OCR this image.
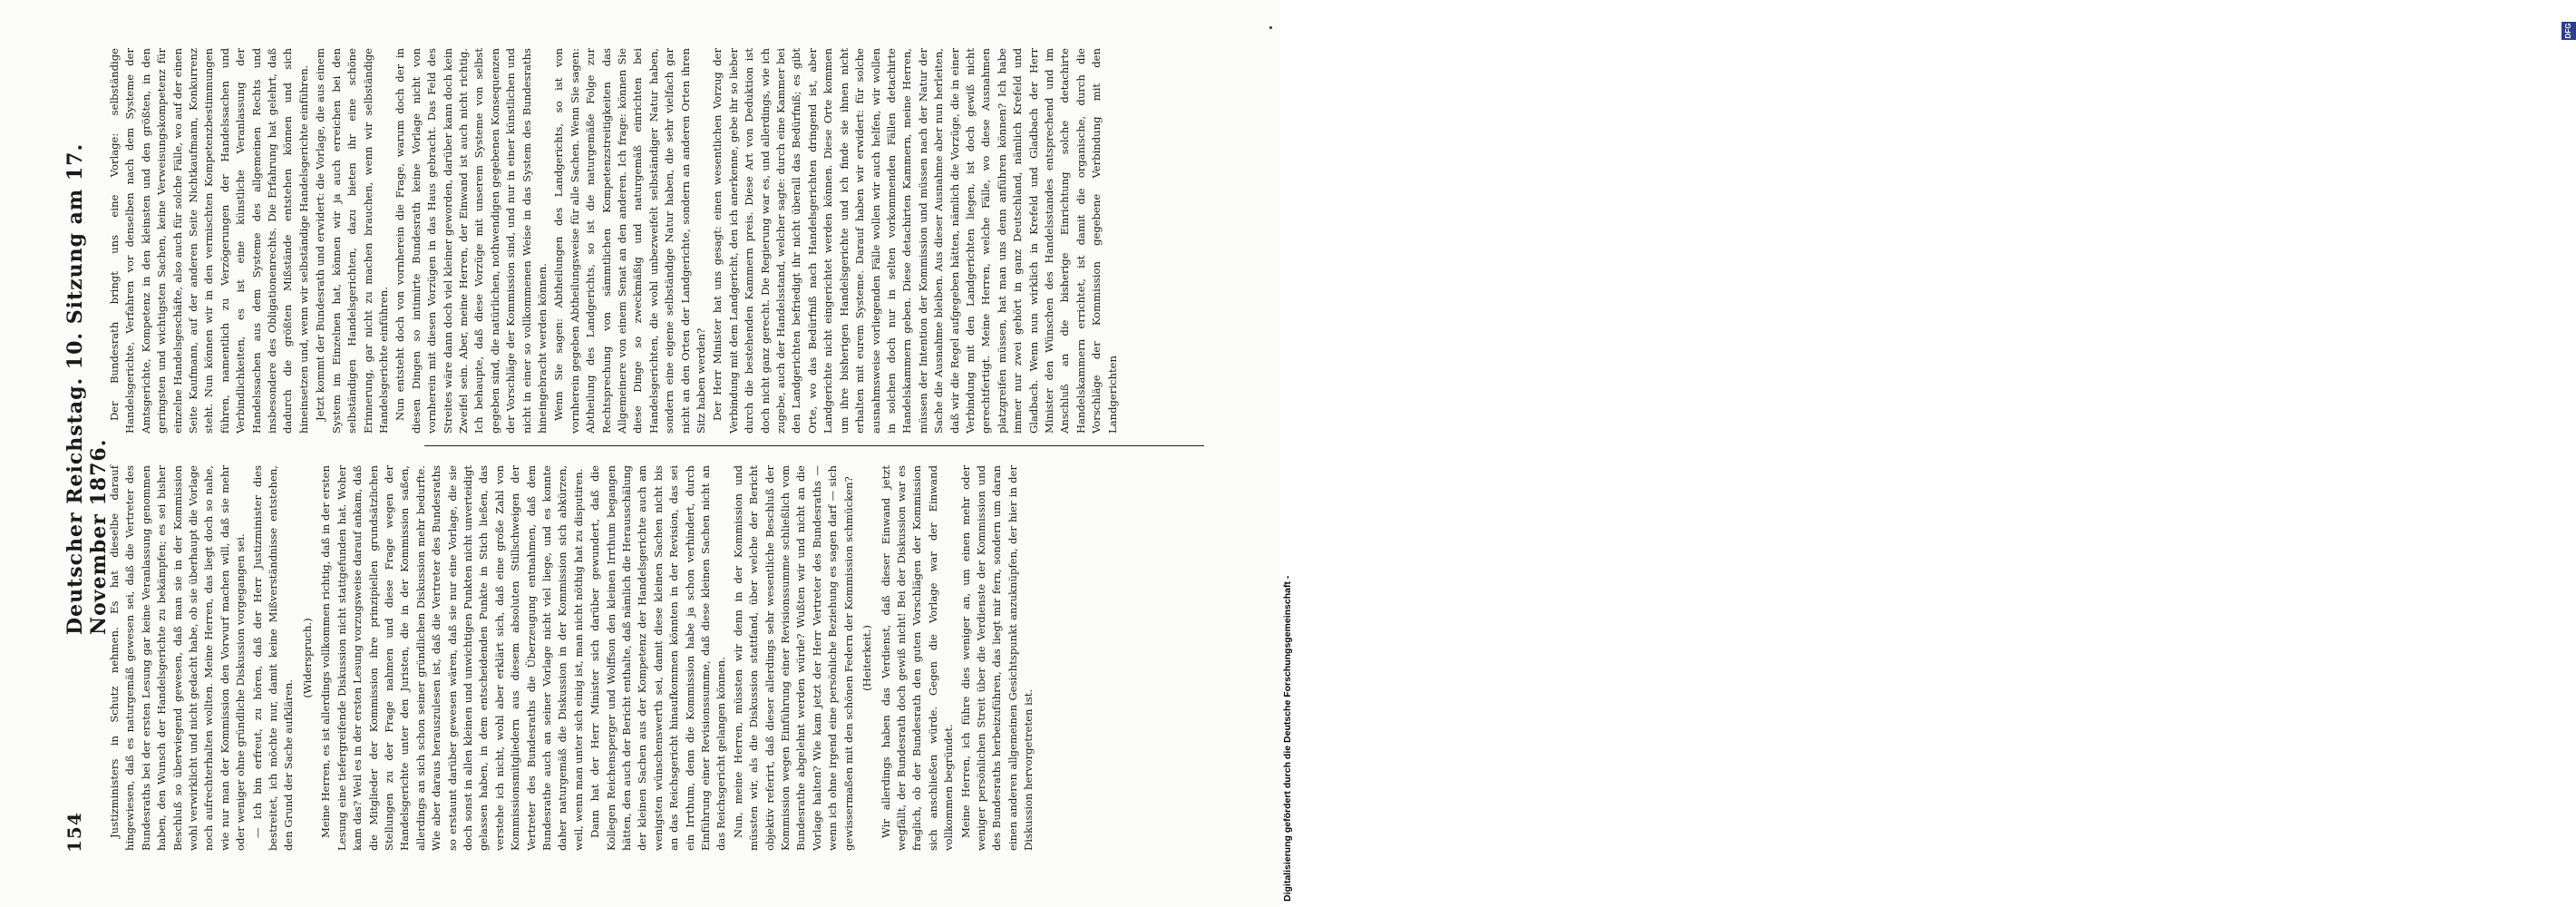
154
Deutscher Reichstag. 10. Sitzung am 17. November 1876.

Justizministers in Schutz nehmen. Es hat dieselbe darauf hingewiesen, daß es naturgemäß gewesen sei, daß die Vertreter des Bundesraths bei der ersten Lesung gar keine Veranlassung genommen haben, den Wunsch der Handelsgerichte zu bekämpfen; es sei bisher Beschluß so überwiegend gewesen, daß man sie in der Kommission wohl verwirklicht und nicht gedacht habe, ob sie überhaupt die Vorlage noch aufrechterhalten wollten. Meine Herren, das liegt doch so nahe, wie nur man der Kommission den Vorwurf machen will, daß sie mehr oder weniger ohne gründliche Diskussion vorgegangen sei. — Ich bin erfreut, zu hören, daß der Herr Justizminister dies bestreitet, ich möchte nur, damit keine Mißverständnisse entstehen, den Grund der Sache aufklären.

(Widerspruch.) Meine Herren, es ist allerdings vollkommen richtig, daß in der ersten Lesung eine tiefergreifende Diskussion nicht stattgefunden hat. Woher kam das? Weil es in der ersten Lesung vorzugsweise darauf ankam, daß die Mitglieder der Kommission ihre prinzipiellen grundsätzlichen Stellungen zu der Frage nahmen und diese Frage wegen der Handelsgerichte unter den Juristen, die in der Kommission saßen, allerdings an sich schon seiner gründlichen Diskussion mehr bedurfte. Wie aber daraus herauszulesen ist, daß die Vertreter des Bundesraths so erstaunt darüber gewesen wären, daß sie nur eine Vorlage, die sie doch sonst in allen kleinen und unwichtigen Punkten nicht unverteidigt gelassen haben, in dem entscheidenden Punkte in Stich ließen, das verstehe ich nicht, wohl aber erklärt sich, daß eine große Zahl von Kommissionsmitgliedern aus diesem absoluten Stillschweigen der Vertreter des Bundesraths die Überzeugung entnahmen, daß dem Bundesrathe auch an seiner Vorlage nicht viel liege, und es konnte daher naturgemäß die Diskussion in der Kommission sich abkürzen, weil, wenn man unter sich einig ist, man nicht nöthig hat zu disputiren. Dann hat der Herr Minister sich darüber gewundert, daß die Kollegen Reichensperger und Wolffson den kleinen Irrthum begangen hätten, den auch der Bericht enthalte, daß nämlich die Herausschälung der kleinen Sachen aus der Kompetenz der Handelsgerichte auch am wenigsten wünschenswerth sei, damit diese kleinen Sachen nicht bis an das Reichsgericht hinaufkommen könnten in der Revision, das sei ein Irrthum, denn die Kommission habe ja schon verhindert, durch Einführung einer Revisionssumme, daß diese kleinen Sachen nicht an das Reichsgericht gelangen können. Nun, meine Herren, müssten wir denn in der Kommission und müssten wir, als die Diskussion stattfand, über welche der Bericht objektiv referirt, daß dieser allerdings sehr wesentliche Beschluß der Kommission wegen Einführung einer Revisionssumme schließlich vom Bundesrathe abgelehnt werden würde? Wußten wir und nicht an die Vorlage halten? Wie kam jetzt der Herr Vertreter des Bundesraths — wenn ich ohne irgend eine persönliche Beziehung es sagen darf — sich gewissermaßen mit den schönen Federn der Kommission schmücken? (Heiterkeit.) Wir allerdings haben das Verdienst, daß dieser Einwand jetzt wegfällt, der Bundesrath doch gewiß nicht! Bei der Diskussion war es fraglich, ob der Bundesrath den guten Vorschlägen der Kommission sich anschließen würde. Gegen die Vorlage war der Einwand vollkommen begründet. Meine Herren, ich führe dies weniger an, um einen mehr oder weniger persönlichen Streit über die Verdienste der Kommission und des Bundesraths herbeizuführen, das liegt mir fern, sondern um daran einen anderen allgemeinen Gesichtspunkt anzuknüpfen, der hier in der Diskussion hervorgetreten ist.

Der Bundesrath bringt uns eine Vorlage: selbständige Handelsgerichte, Verfahren vor denselben nach dem Systeme der Amtsgerichte, Kompetenz in den kleinsten und den größten, in den geringsten und wichtigsten Sachen, keine Verweisungskompetenz für einzelne Handelsgeschäfte, also auch für solche Fälle, wo auf der einen Seite Kaufmann, auf der anderen Seite Nichtkaufmann, Konkurrenz steht. Nun können wir in den vermischten Kompetenzbestimmungen führen, namentlich zu Verzögerungen der Handelssachen und Verbindlichkeiten, es ist eine künstliche Veranlassung der Handelssachen aus dem Systeme des allgemeinen Rechts und insbesondere des Obligationenrechts. Die Erfahrung hat gelehrt, daß dadurch die größten Mißstände entstehen können und sich hineinsetzen und, wenn wir selbständige Handelsgerichte einführen. Jetzt kommt der Bundesrath und erwidert: die Vorlage, die aus einem System im Einzelnen hat, können wir ja auch erreichen bei den selbständigen Handelsgerichten, dazu bieten ihr eine schöne Erinnerung, gar nicht zu machen brauchen, wenn wir selbständige Handelsgerichte einführen. Nun entsteht doch von vornherein die Frage, warum doch der in diesen Dingen so intimirte Bundesrath keine Vorlage nicht von vornherein mit diesen Vorzügen in das Haus gebracht. Das Feld des Streites wäre dann doch viel kleiner geworden, darüber kann doch kein Zweifel sein. Aber, meine Herren, der Einwand ist auch nicht richtig. Ich behaupte, daß diese Vorzüge mit unserem Systeme von selbst gegeben sind, die natürlichen, nothwendigen gegebenen Konsequenzen der Vorschläge der Kommission sind, und nur in einer künstlichen und nicht in einer so vollkommenen Weise in das System des Bundesraths hineingebracht werden können. Wenn Sie sagen: Abtheilungen des Landgerichts, so ist von vornherein gegeben Abtheilungsweise für alle Sachen. Wenn Sie sagen: Abtheilung des Landgerichts, so ist die naturgemäße Folge zur Rechtsprechung von sämmtlichen Kompetenzstreitigkeiten das Allgemeinere von einem Senat an den anderen. Ich frage: können Sie diese Dinge so zweckmäßig und naturgemäß einrichten bei Handelsgerichten, die wohl unbezweifelt selbständiger Natur haben, sondern eine eigene selbständige Natur haben, die sehr vielfach gar nicht an den Orten der Landgerichte, sondern an anderen Orten ihren Sitz haben werden? Der Herr Minister hat uns gesagt: einen wesentlichen Vorzug der Verbindung mit dem Landgericht, den ich anerkenne, gebe ihr so lieber durch die bestehenden Kammern preis. Diese Art von Deduktion ist doch nicht ganz gerecht. Die Regierung war es, und allerdings, wie ich zugebe, auch der Handelsstand, welcher sagte: durch eine Kammer bei den Landgerichten befriedigt ihr nicht überall das Bedürfniß; es gibt Orte, wo das Bedürfniß nach Handelsgerichten dringend ist, aber Landgerichte nicht eingerichtet werden können. Diese Orte kommen um ihre bisherigen Handelsgerichte und ich finde sie ihnen nicht erhalten mit eurem Systeme. Darauf haben wir erwidert: für solche ausnahmsweise vorliegenden Fälle wollen wir auch helfen, wir wollen in solchen doch nur in selten vorkommenden Fällen detachirte Handelskammern geben. Diese detachirten Kammern, meine Herren, müssen der Intention der Kommission und müssen nach der Natur der Sache die Ausnahme bleiben. Aus dieser Ausnahme aber nun herleiten, daß wir die Regel aufgegeben hätten, nämlich die Vorzüge, die in einer Verbindung mit den Landgerichten liegen, ist doch gewiß nicht gerechtfertigt. Meine Herren, welche Fälle, wo diese Ausnahmen platzgreifen müssen, hat man uns denn anführen können? Ich habe immer nur zwei gehört in ganz Deutschland, nämlich Krefeld und Gladbach. Wenn nun wirklich in Krefeld und Gladbach der Herr Minister den Wünschen des Handelsstandes entsprechend und im Anschluß an die bisherige Einrichtung solche detachirte Handelskammern errichtet, ist damit die organische, durch die Vorschläge der Kommission gegebene Verbindung mit den Landgerichten

Digitalisierung gefördert durch die Deutsche Forschungsgemeinschaft -
DFG
